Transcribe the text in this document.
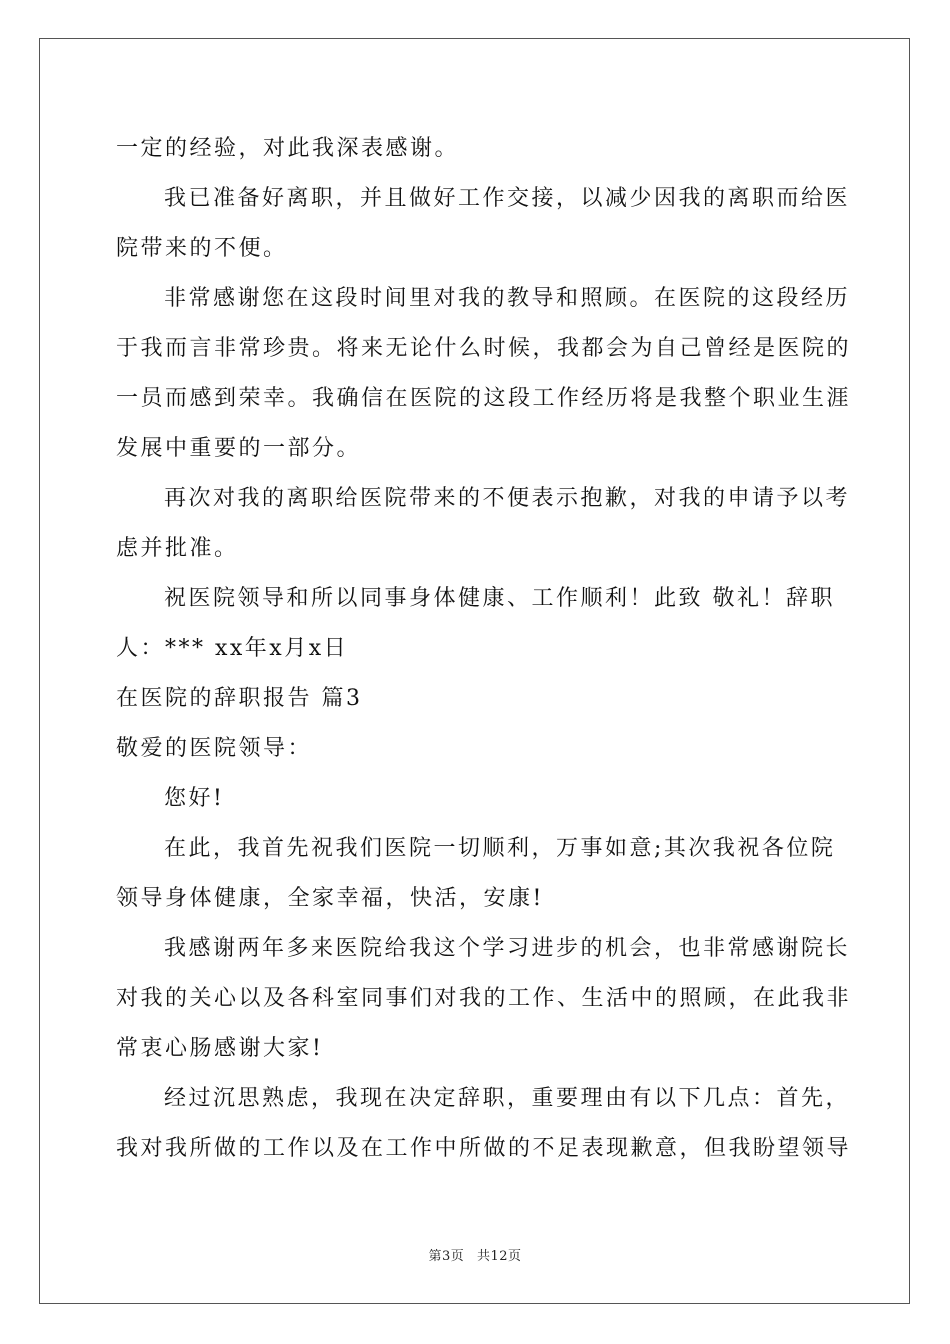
一定的经验，对此我深表感谢。
我已准备好离职，并且做好工作交接，以减少因我的离职而给医
院带来的不便。
非常感谢您在这段时间里对我的教导和照顾。在医院的这段经历
于我而言非常珍贵。将来无论什么时候，我都会为自己曾经是医院的
一员而感到荣幸。我确信在医院的这段工作经历将是我整个职业生涯
发展中重要的一部分。
再次对我的离职给医院带来的不便表示抱歉，对我的申请予以考
虑并批准。
祝医院领导和所以同事身体健康、工作顺利！此致 敬礼！辞职
人：*** xx年x月x日
在医院的辞职报告 篇3
敬爱的医院领导：
您好!
在此，我首先祝我们医院一切顺利，万事如意;其次我祝各位院
领导身体健康，全家幸福，快活，安康!
我感谢两年多来医院给我这个学习进步的机会，也非常感谢院长
对我的关心以及各科室同事们对我的工作、生活中的照顾，在此我非
常衷心肠感谢大家!
经过沉思熟虑，我现在决定辞职，重要理由有以下几点：首先，
我对我所做的工作以及在工作中所做的不足表现歉意，但我盼望领导
第3页 共12页
